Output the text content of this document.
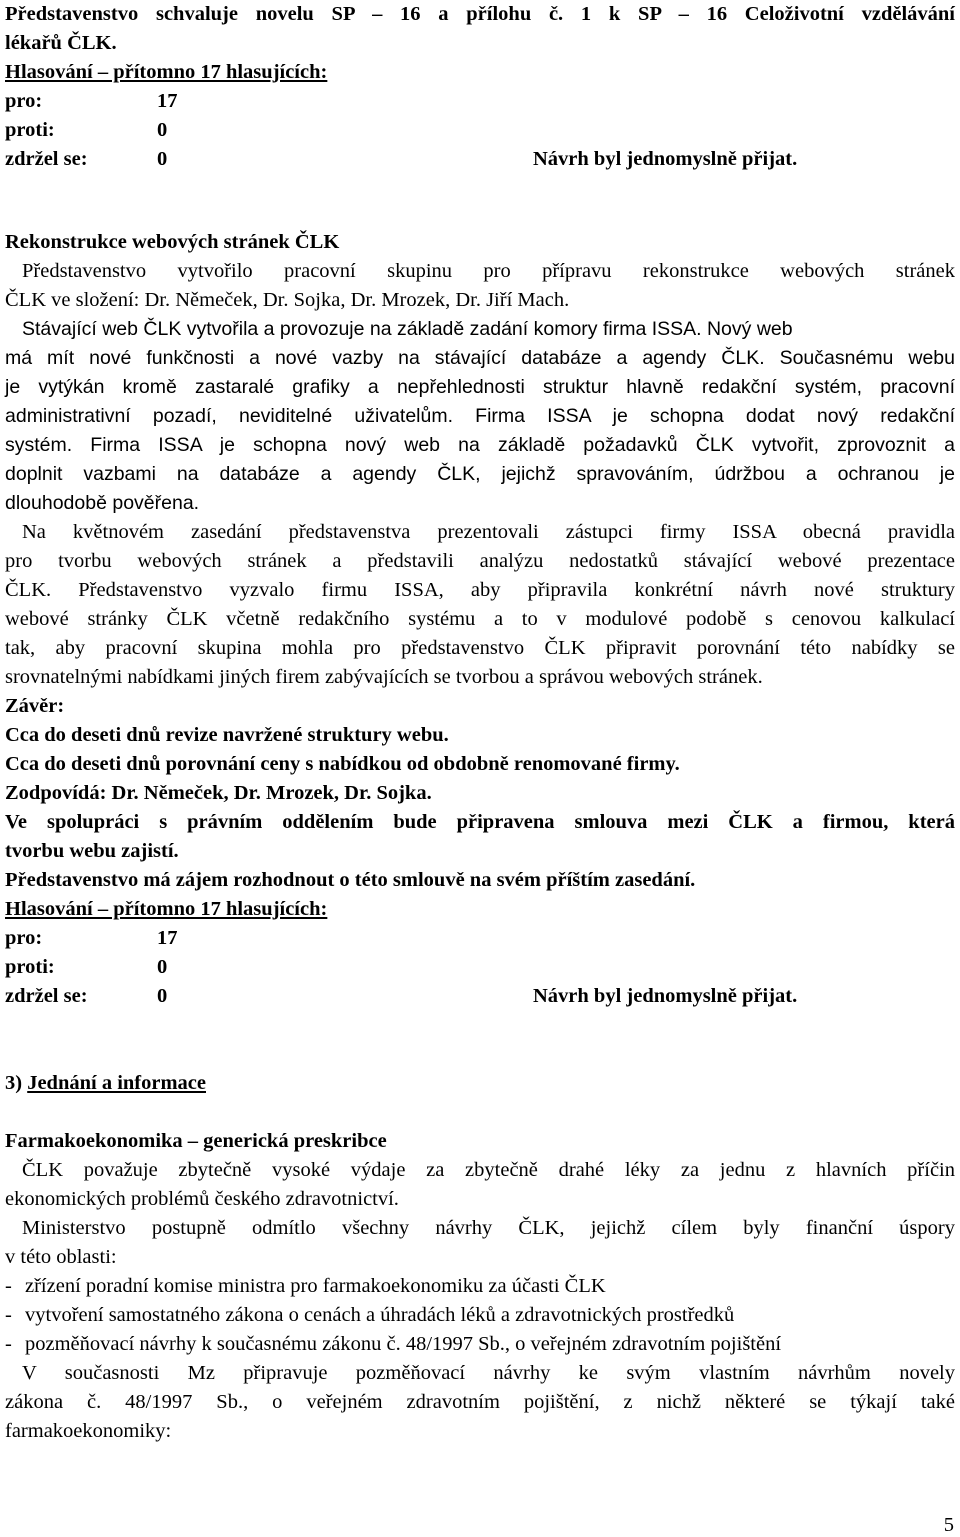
Představenstvo schvaluje novelu SP – 16 a přílohu č. 1 k SP – 16 Celoživotní vzdělávání

lékařů ČLK.

Hlasování – přítomno 17 hlasujících:

pro:	17
proti:	0
zdržel se:	0	Návrh byl jednomyslně přijat.

Rekonstrukce webových stránek ČLK

Představenstvo vytvořilo pracovní skupinu pro přípravu rekonstrukce webových stránek

ČLK ve složení: Dr. Němeček, Dr. Sojka, Dr. Mrozek, Dr. Jiří Mach.

Stávající web ČLK vytvořila a provozuje na základě zadání komory firma ISSA. Nový web

má mít nové funkčnosti a nové vazby na stávající databáze a agendy ČLK. Současnému webu

je vytýkán kromě zastaralé grafiky a nepřehlednosti struktur hlavně redakční systém, pracovní

administrativní pozadí, neviditelné uživatelům. Firma ISSA je schopna dodat nový redakční

systém. Firma ISSA je schopna nový web na základě požadavků ČLK vytvořit, zprovoznit a

doplnit vazbami na databáze a agendy ČLK, jejichž spravováním, údržbou a ochranou je

dlouhodobě pověřena.

Na květnovém zasedání představenstva prezentovali zástupci firmy ISSA obecná pravidla

pro tvorbu webových stránek a představili analýzu nedostatků stávající webové prezentace

ČLK. Představenstvo vyzvalo firmu ISSA, aby připravila konkrétní návrh nové struktury

webové stránky ČLK včetně redakčního systému a to v modulové podobě s cenovou kalkulací

tak, aby pracovní skupina mohla pro představenstvo ČLK připravit porovnání této nabídky se

srovnatelnými nabídkami jiných firem zabývajících se tvorbou a správou webových stránek.

Závěr:

Cca do deseti dnů revize navržené struktury webu.

Cca do deseti dnů porovnání ceny s nabídkou od obdobně renomované firmy.

Zodpovídá: Dr. Němeček, Dr. Mrozek, Dr. Sojka.

Ve spolupráci s právním oddělením bude připravena smlouva mezi ČLK a firmou, která

tvorbu webu zajistí.

Představenstvo má zájem rozhodnout o této smlouvě na svém příštím zasedání.

Hlasování – přítomno 17 hlasujících:

pro:	17
proti:	0
zdržel se:	0	Návrh byl jednomyslně přijat.
3) Jednání a informace

Farmakoekonomika – generická preskribce

ČLK považuje zbytečně vysoké výdaje za zbytečně drahé léky za jednu z hlavních příčin

ekonomických problémů českého zdravotnictví.

Ministerstvo postupně odmítlo všechny návrhy ČLK, jejichž cílem byly finanční úspory

v této oblasti:

- zřízení poradní komise ministra pro farmakoekonomiku za účasti ČLK
- vytvoření samostatného zákona o cenách a úhradách léků a zdravotnických prostředků
- pozměňovací návrhy k současnému zákonu č. 48/1997 Sb., o veřejném zdravotním pojištění

V současnosti Mz připravuje pozměňovací návrhy ke svým vlastním návrhům novely

zákona č. 48/1997 Sb., o veřejném zdravotním pojištění, z nichž některé se týkají také

farmakoekonomiky:

5
